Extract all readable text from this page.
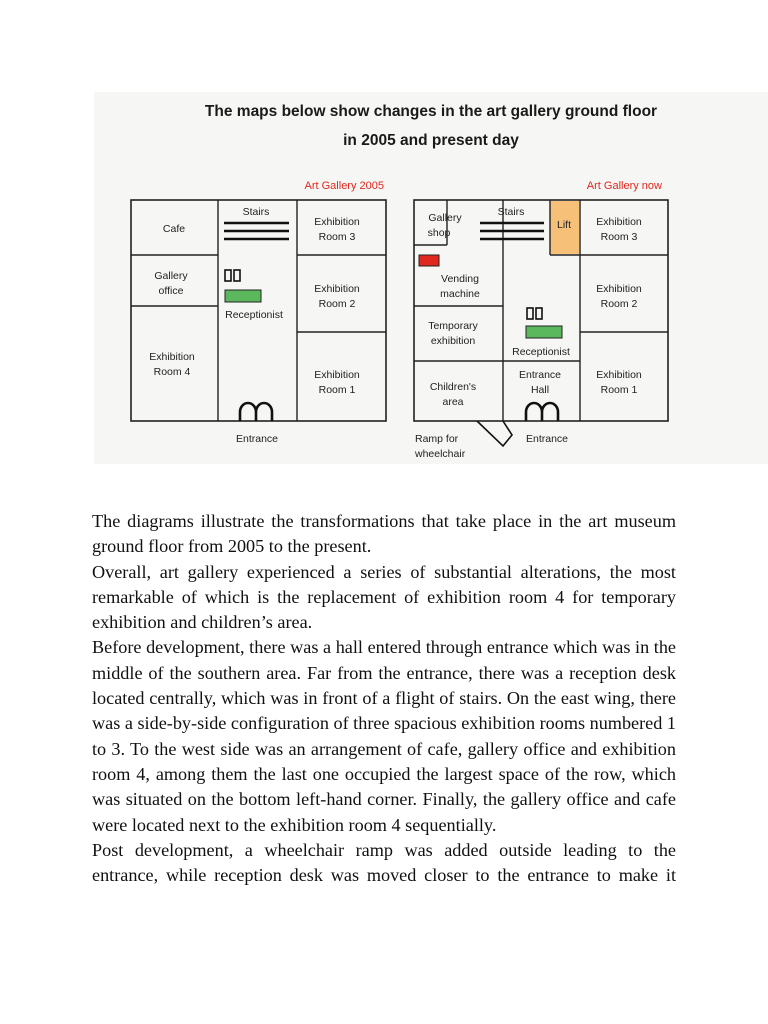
The maps below show changes in the art gallery ground floor
in 2005 and present day
Art Gallery 2005
Cafe
Gallery
office
Exhibition
Room 4
Stairs
Receptionist
Exhibition
Room 3
Exhibition
Room 2
Exhibition
Room 1
Entrance
Art Gallery now
Lift
Gallery
shop
Vending
machine
Temporary
exhibition
Children's
area
Stairs
Receptionist
Entrance
Hall
Exhibition
Room 3
Exhibition
Room 2
Exhibition
Room 1
Entrance
Ramp for
wheelchair

The diagrams illustrate the transformations that take place in the art museum ground floor from 2005 to the present.

Overall, art gallery experienced a series of substantial alterations, the most remarkable of which is the replacement of exhibition room 4 for temporary exhibition and children’s area.

Before development, there was a hall entered through entrance which was in the middle of the southern area. Far from the entrance, there was a reception desk located centrally, which was in front of a flight of stairs. On the east wing, there was a side-by-side configuration of three spacious exhibition rooms numbered 1 to 3. To the west side was an arrangement of cafe, gallery office and exhibition room 4, among them the last one occupied the largest space of the row, which was situated on the bottom left-hand corner. Finally, the gallery office and cafe were located next to the exhibition room 4 sequentially.

Post development, a wheelchair ramp was added outside leading to the entrance, while reception desk was moved closer to the entrance to make it
